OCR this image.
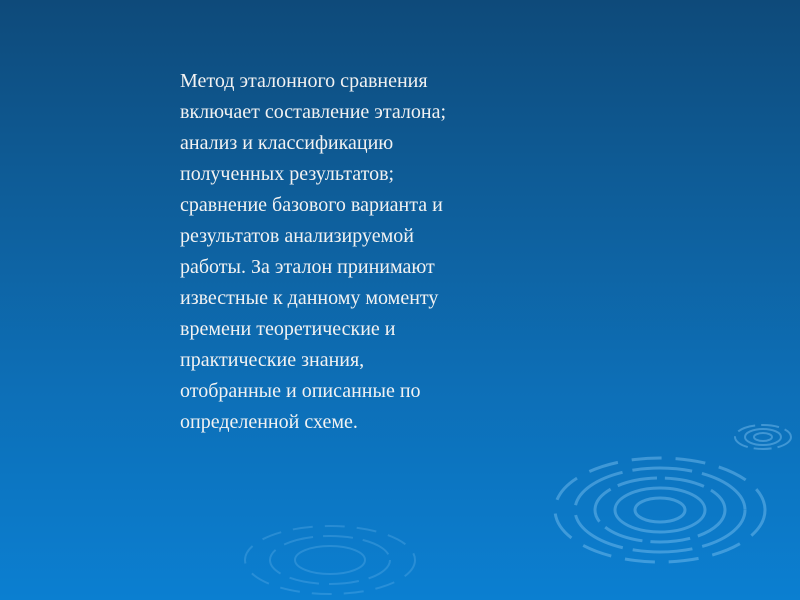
Метод эталонного сравнения
включает составление эталона;
анализ и классификацию
полученных результатов;
сравнение базового варианта и
результатов анализируемой
работы. За эталон принимают
известные к данному моменту
времени теоретические и
практические знания,
отобранные и описанные по
определенной схеме.
